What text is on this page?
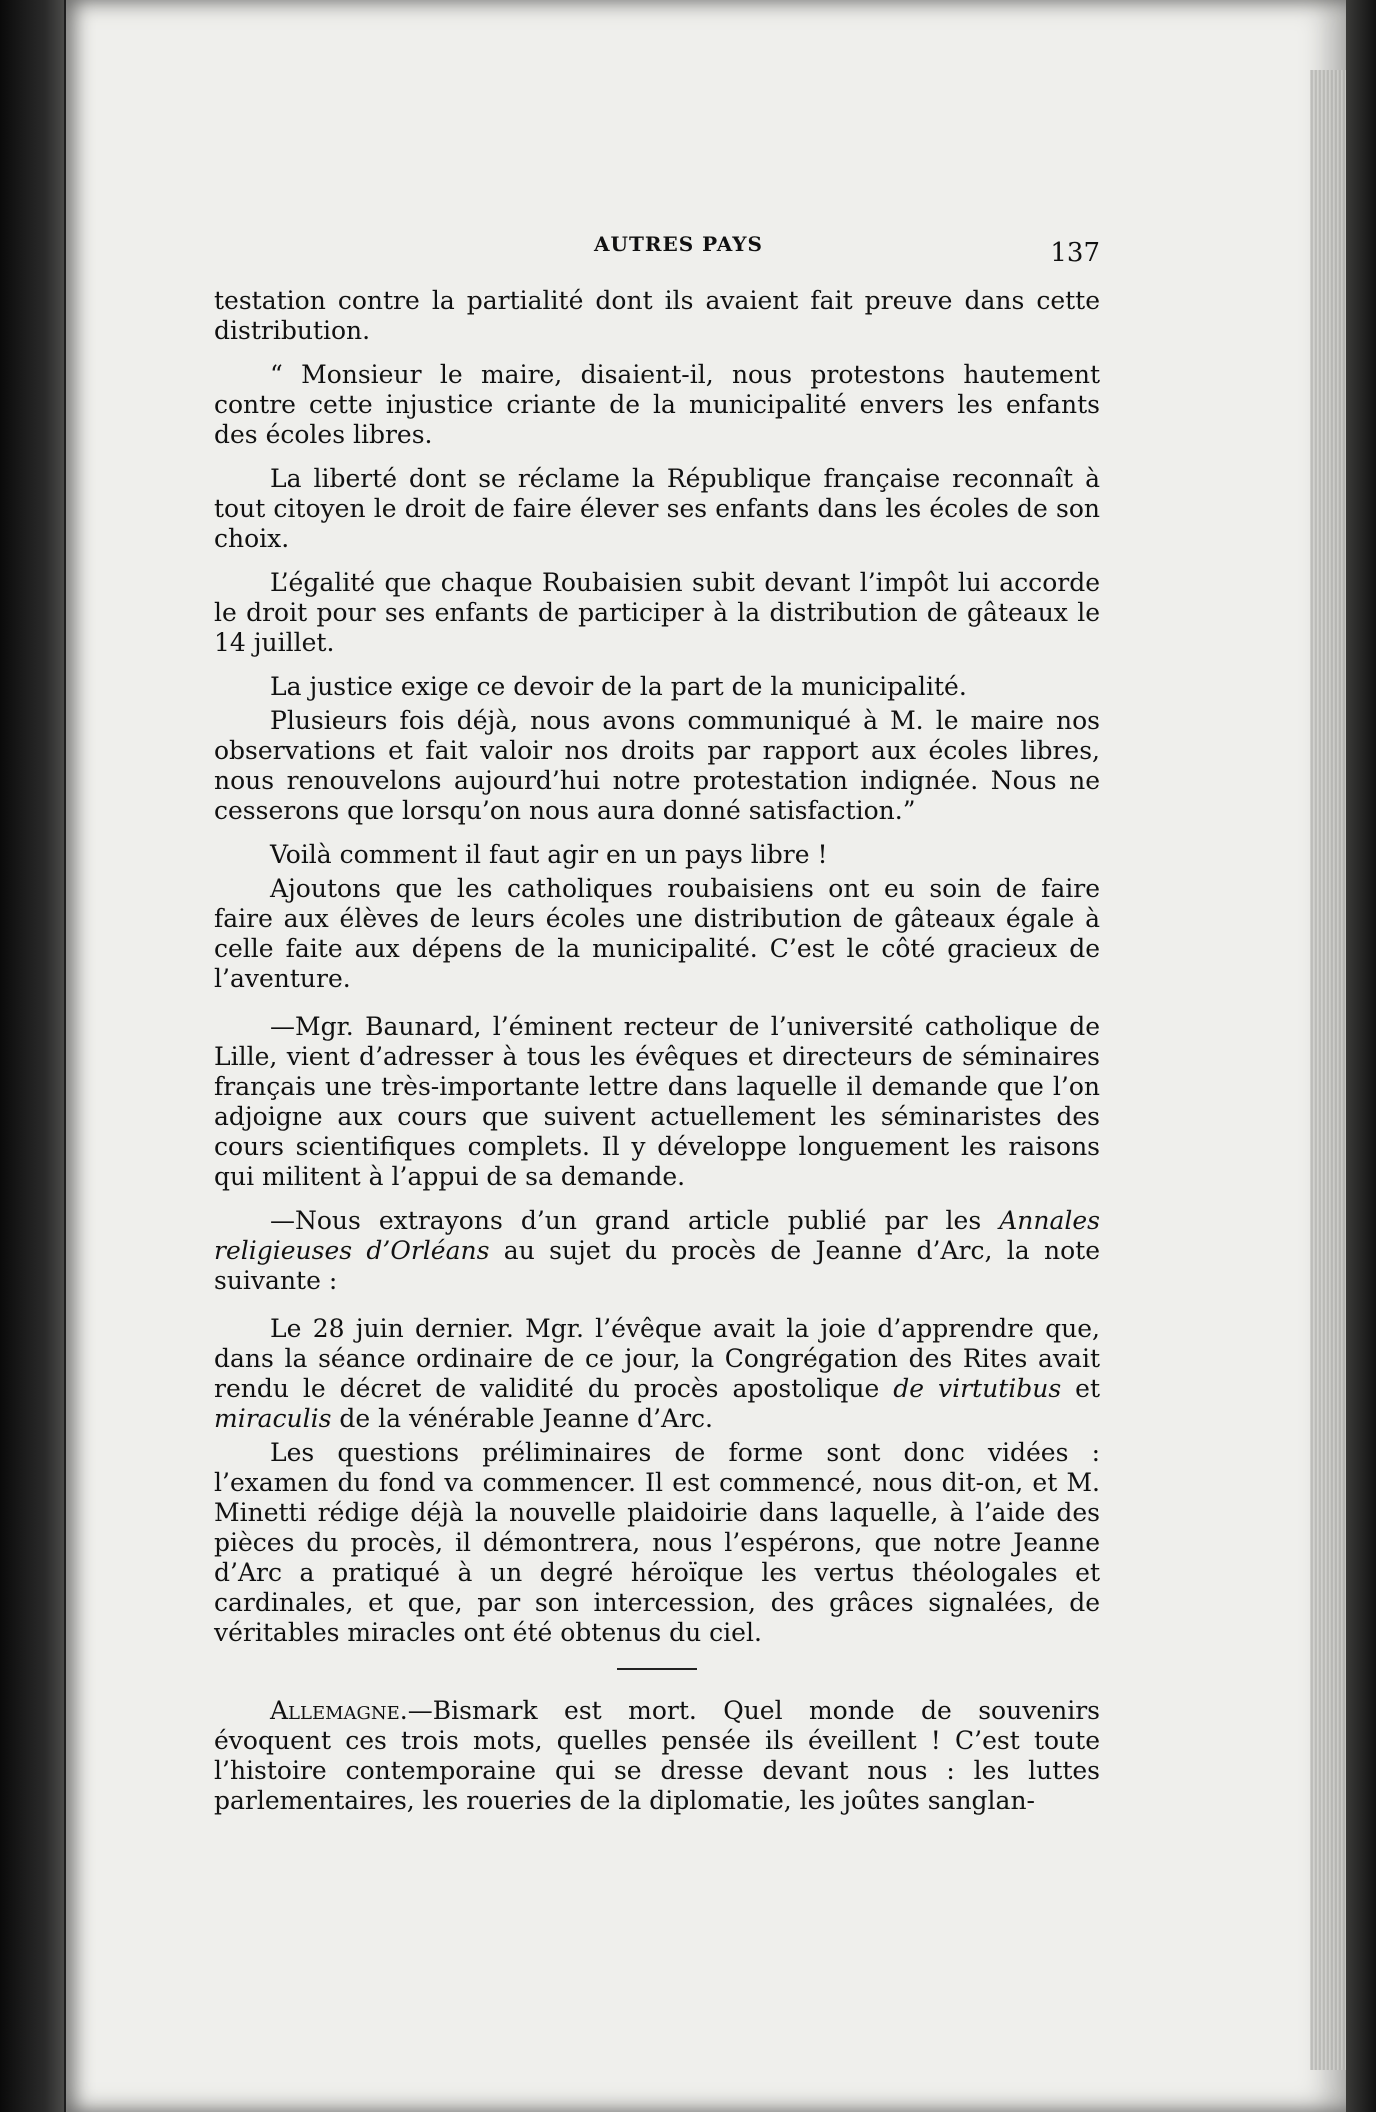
AUTRES PAYS	137

testation contre la partialité dont ils avaient fait preuve dans cette distribution.

“ Monsieur le maire, disaient-il, nous protestons hautement contre cette injustice criante de la municipalité envers les enfants des écoles libres.

La liberté dont se réclame la République française reconnaît à tout citoyen le droit de faire élever ses enfants dans les écoles de son choix.

L’égalité que chaque Roubaisien subit devant l’impôt lui accorde le droit pour ses enfants de participer à la distribution de gâteaux le 14 juillet.

La justice exige ce devoir de la part de la municipalité.

Plusieurs fois déjà, nous avons communiqué à M. le maire nos observations et fait valoir nos droits par rapport aux écoles libres, nous renouvelons aujourd’hui notre protestation indignée. Nous ne cesserons que lorsqu’on nous aura donné satisfaction.”

Voilà comment il faut agir en un pays libre !

Ajoutons que les catholiques roubaisiens ont eu soin de faire faire aux élèves de leurs écoles une distribution de gâteaux égale à celle faite aux dépens de la municipalité. C’est le côté gracieux de l’aventure.

—Mgr. Baunard, l’éminent recteur de l’université catholique de Lille, vient d’adresser à tous les évêques et directeurs de séminaires français une très-importante lettre dans laquelle il demande que l’on adjoigne aux cours que suivent actuellement les séminaristes des cours scientifiques complets. Il y développe longuement les raisons qui militent à l’appui de sa demande.

—Nous extrayons d’un grand article publié par les Annales religieuses d’Orléans au sujet du procès de Jeanne d’Arc, la note suivante :

Le 28 juin dernier. Mgr. l’évêque avait la joie d’apprendre que, dans la séance ordinaire de ce jour, la Congrégation des Rites avait rendu le décret de validité du procès apostolique de virtutibus et miraculis de la vénérable Jeanne d’Arc.

Les questions préliminaires de forme sont donc vidées : l’examen du fond va commencer. Il est commencé, nous dit-on, et M. Minetti rédige déjà la nouvelle plaidoirie dans laquelle, à l’aide des pièces du procès, il démontrera, nous l’espérons, que notre Jeanne d’Arc a pratiqué à un degré héroïque les vertus théologales et cardinales, et que, par son intercession, des grâces signalées, de véritables miracles ont été obtenus du ciel.

Allemagne.—Bismark est mort. Quel monde de souvenirs évoquent ces trois mots, quelles pensée ils éveillent ! C’est toute l’histoire contemporaine qui se dresse devant nous : les luttes parlementaires, les roueries de la diplomatie, les joûtes sanglan-
